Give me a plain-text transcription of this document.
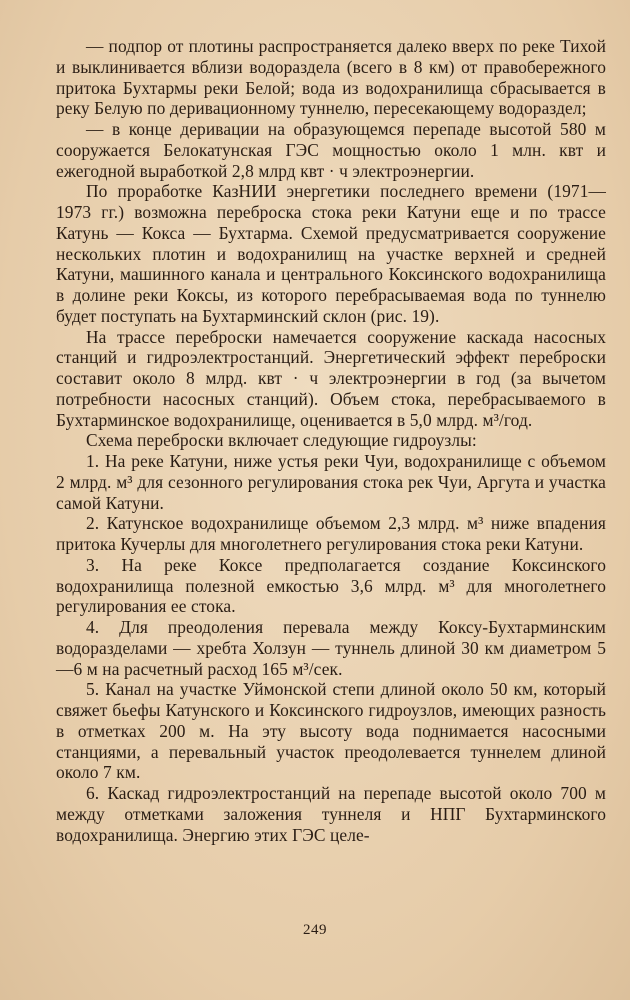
— подпор от плотины распространяется далеко вверх по реке Тихой и выклинивается вблизи водораздела (всего в 8 км) от правобережного притока Бухтармы реки Белой; вода из водохранилища сбрасывается в реку Белую по деривационному туннелю, пересекающему водораздел;

— в конце деривации на образующемся перепаде высотой 580 м сооружается Белокатунская ГЭС мощностью около 1 млн. квт и ежегодной выработкой 2,8 млрд квт · ч электроэнергии.

По проработке КазНИИ энергетики последнего времени (1971—1973 гг.) возможна переброска стока реки Катуни еще и по трассе Катунь — Кокса — Бухтарма. Схемой предусматривается сооружение нескольких плотин и водохранилищ на участке верхней и средней Катуни, машинного канала и центрального Коксинского водохранилища в долине реки Коксы, из которого перебрасываемая вода по туннелю будет поступать на Бухтарминский склон (рис. 19).

На трассе переброски намечается сооружение каскада насосных станций и гидроэлектростанций. Энергетический эффект переброски составит около 8 млрд. квт · ч электроэнергии в год (за вычетом потребности насосных станций). Объем стока, перебрасываемого в Бухтарминское водохранилище, оценивается в 5,0 млрд. м³/год.

Схема переброски включает следующие гидроузлы:

1. На реке Катуни, ниже устья реки Чуи, водохранилище с объемом 2 млрд. м³ для сезонного регулирования стока рек Чуи, Аргута и участка самой Катуни.

2. Катунское водохранилище объемом 2,3 млрд. м³ ниже впадения притока Кучерлы для многолетнего регулирования стока реки Катуни.

3. На реке Коксе предполагается создание Коксинского водохранилища полезной емкостью 3,6 млрд. м³ для многолетнего регулирования ее стока.

4. Для преодоления перевала между Коксу-Бухтарминским водоразделами — хребта Холзун — туннель длиной 30 км диаметром 5—6 м на расчетный расход 165 м³/сек.

5. Канал на участке Уймонской степи длиной около 50 км, который свяжет бьефы Катунского и Коксинского гидроузлов, имеющих разность в отметках 200 м. На эту высоту вода поднимается насосными станциями, а перевальный участок преодолевается туннелем длиной около 7 км.

6. Каскад гидроэлектростанций на перепаде высотой около 700 м между отметками заложения туннеля и НПГ Бухтарминского водохранилища. Энергию этих ГЭС целе-

249
